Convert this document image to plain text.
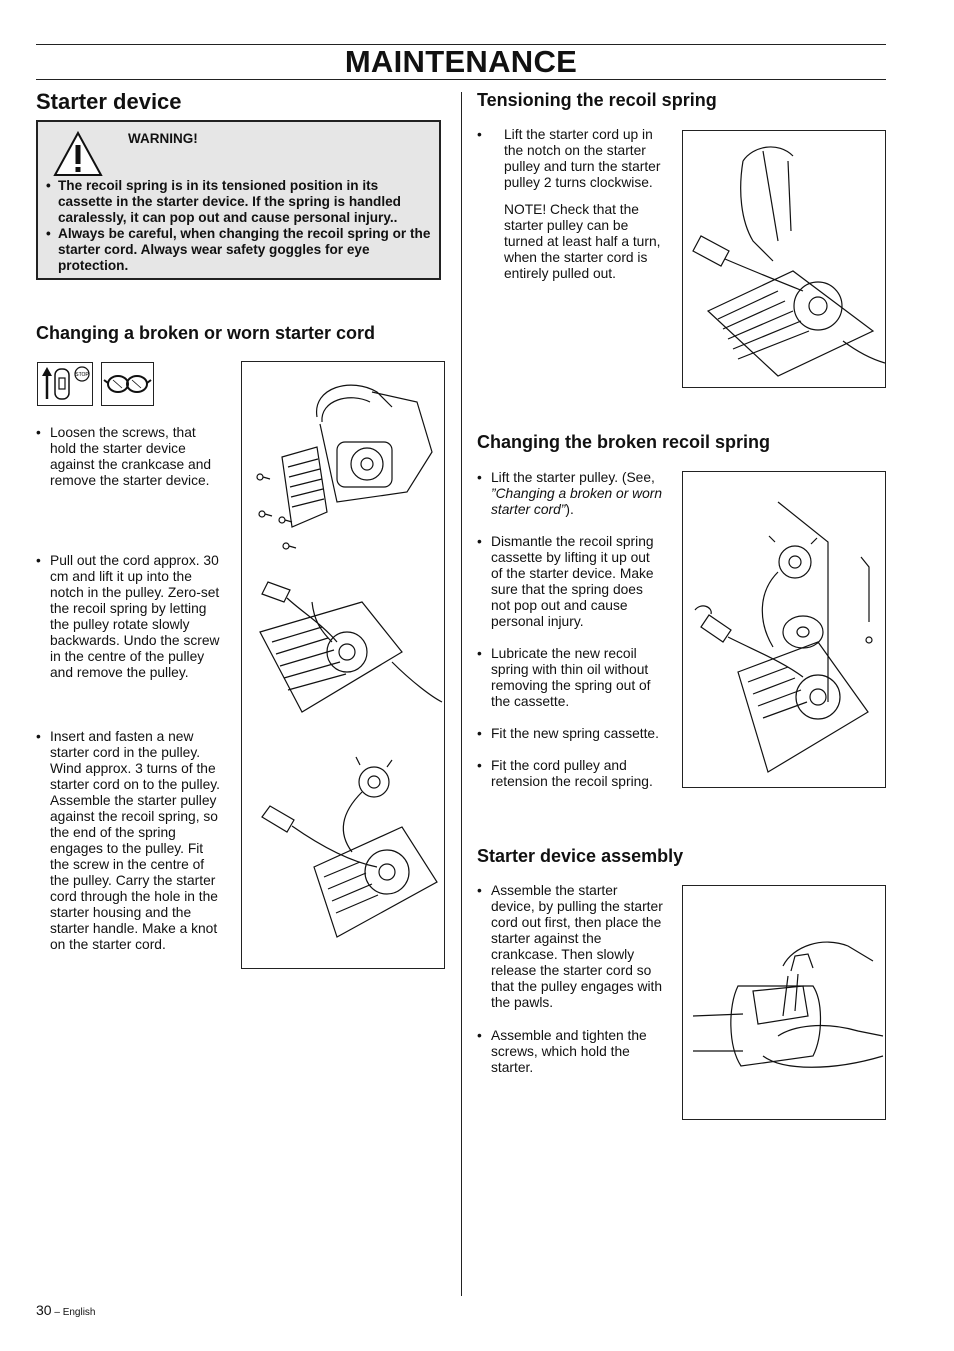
MAINTENANCE
Starter device
WARNING!
• The recoil spring is in its tensioned position in its cassette in the starter device. If the spring is handled caralessly, it can pop out and cause personal injury..
• Always be careful, when changing the recoil spring or the starter cord. Always wear safety goggles for eye protection.
Changing a broken or worn starter cord
STOP
• Loosen the screws, that
hold the starter device
against the crankcase and
remove the starter device.
• Pull out the cord approx. 30
cm and lift it up into the
notch in the pulley. Zero-set
the recoil spring by letting
the pulley rotate slowly
backwards. Undo the screw
in the centre of the pulley
and remove the pulley.
• Insert and fasten a new
starter cord in the pulley.
Wind approx. 3 turns of the
starter cord on to the pulley.
Assemble the starter pulley
against the recoil spring, so
the end of the spring
engages to the pulley. Fit
the screw in the centre of
the pulley. Carry the starter
cord through the hole in the
starter housing and the
starter handle. Make a knot
on the starter cord.
Tensioning the recoil spring
• Lift the starter cord up in
the notch on the starter
pulley and turn the starter
pulley 2 turns clockwise.
NOTE! Check that the
starter pulley can be
turned at least half a turn,
when the starter cord is
entirely pulled out.
Changing the broken recoil spring
• Lift the starter pulley. (See,
”Changing a broken or worn
starter cord”).
• Dismantle the recoil spring
cassette by lifting it up out
of the starter device. Make
sure that the spring does
not pop out and cause
personal injury.
• Lubricate the new recoil
spring with thin oil without
removing the spring out of
the cassette.
• Fit the new spring cassette.
• Fit the cord pulley and
retension the recoil spring.
Starter device assembly
• Assemble the starter
device, by pulling the starter
cord out first, then place the
starter against the
crankcase. Then slowly
release the starter cord so
that the pulley engages with
the pawls.
• Assemble and tighten the
screws, which hold the
starter.
30 – English
